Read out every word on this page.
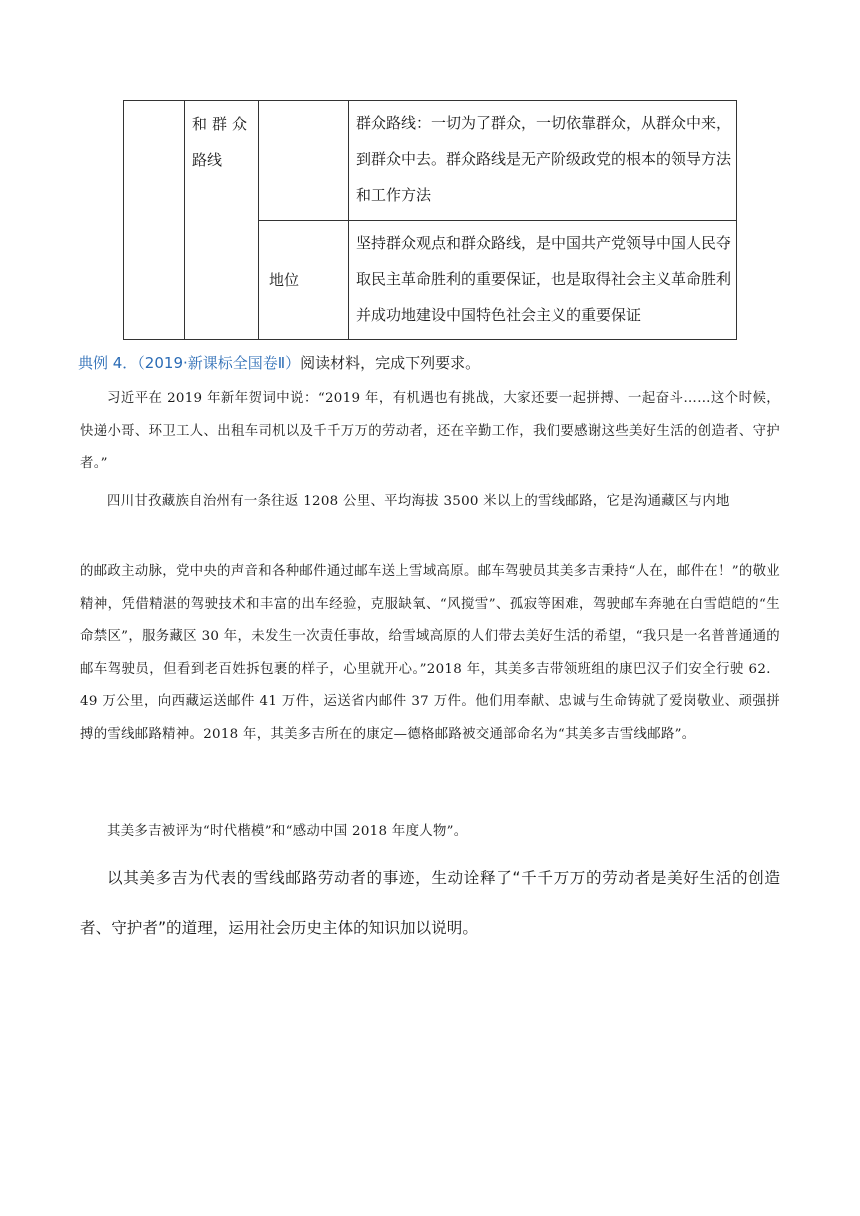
	和群众
路线		群众路线：一切为了群众，一切依靠群众，从群众中来，到群众中去。群众路线是无产阶级政党的根本的领导方法和工作方法
		地位	坚持群众观点和群众路线，是中国共产党领导中国人民夺取民主革命胜利的重要保证，也是取得社会主义革命胜利并成功地建设中国特色社会主义的重要保证
典例 4．（2019·新课标全国卷Ⅱ）阅读材料，完成下列要求。
习近平在 2019 年新年贺词中说：“2019 年，有机遇也有挑战，大家还要一起拼搏、一起奋斗……这个时候，快递小哥、环卫工人、出租车司机以及千千万万的劳动者，还在辛勤工作，我们要感谢这些美好生活的创造者、守护者。”
四川甘孜藏族自治州有一条往返 1208 公里、平均海拔 3500 米以上的雪线邮路，它是沟通藏区与内地
的邮政主动脉，党中央的声音和各种邮件通过邮车送上雪域高原。邮车驾驶员其美多吉秉持“人在，邮件在！”的敬业精神，凭借精湛的驾驶技术和丰富的出车经验，克服缺氧、“风搅雪”、孤寂等困难，驾驶邮车奔驰在白雪皑皑的“生命禁区”，服务藏区 30 年，未发生一次责任事故，给雪域高原的人们带去美好生活的希望，“我只是一名普普通通的邮车驾驶员，但看到老百姓拆包裹的样子，心里就开心。”2018 年，其美多吉带领班组的康巴汉子们安全行驶 62．49 万公里，向西藏运送邮件 41 万件，运送省内邮件 37 万件。他们用奉献、忠诚与生命铸就了爱岗敬业、顽强拼搏的雪线邮路精神。2018 年，其美多吉所在的康定—德格邮路被交通部命名为“其美多吉雪线邮路”。
其美多吉被评为“时代楷模”和“感动中国 2018 年度人物”。
以其美多吉为代表的雪线邮路劳动者的事迹，生动诠释了“千千万万的劳动者是美好生活的创造者、守护者”的道理，运用社会历史主体的知识加以说明。
